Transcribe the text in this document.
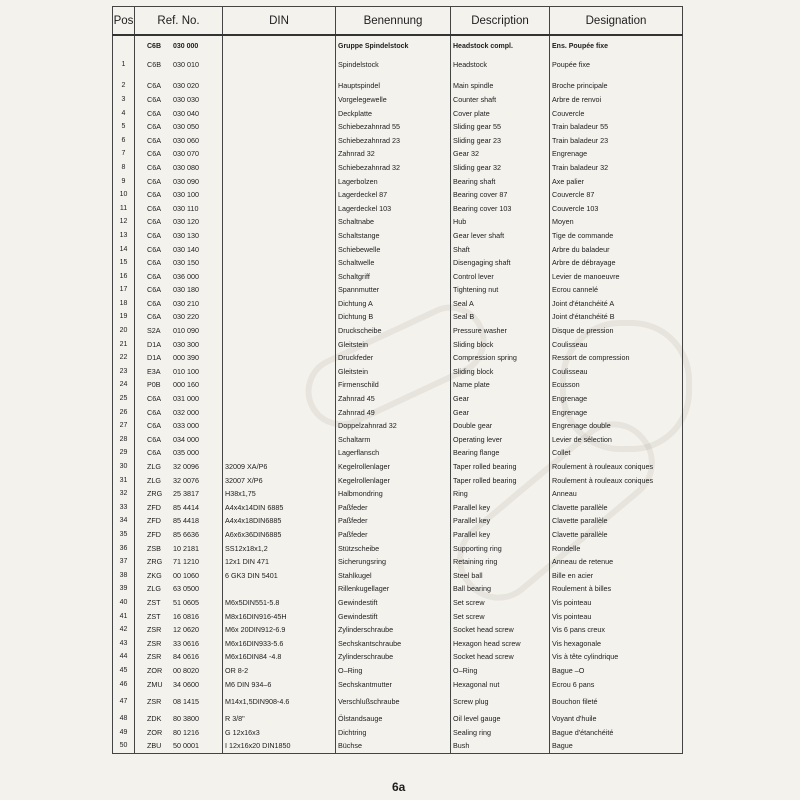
Pos	Ref. No.	DIN	Benennung	Description	Designation
	C6B 030 000		Gruppe Spindelstock	Headstock compl.	Ens. Poupée fixe
1	C6B 030 010		Spindelstock	Headstock	Poupée fixe

2	C6A 030 020		Hauptspindel	Main spindle	Broche principale
3	C6A 030 030		Vorgelegewelle	Counter shaft	Arbre de renvoi
4	C6A 030 040		Deckplatte	Cover plate	Couvercle
5	C6A 030 050		Schiebezahnrad 55	Sliding gear 55	Train baladeur 55
6	C6A 030 060		Schiebezahnrad 23	Sliding gear 23	Train baladeur 23
7	C6A 030 070		Zahnrad 32	Gear 32	Engrenage
8	C6A 030 080		Schiebezahnrad 32	Sliding gear 32	Train baladeur 32
9	C6A 030 090		Lagerbolzen	Bearing shaft	Axe palier
10	C6A 030 100		Lagerdeckel 87	Bearing cover 87	Couvercle 87
11	C6A 030 110		Lagerdeckel 103	Bearing cover 103	Couvercle 103
12	C6A 030 120		Schaltnabe	Hub	Moyen
13	C6A 030 130		Schaltstange	Gear lever shaft	Tige de commande
14	C6A 030 140		Schiebewelle	Shaft	Arbre du baladeur
15	C6A 030 150		Schaltwelle	Disengaging shaft	Arbre de débrayage
16	C6A 036 000		Schaltgriff	Control lever	Levier de manoeuvre
17	C6A 030 180		Spannmutter	Tightening nut	Ecrou cannelé
18	C6A 030 210		Dichtung A	Seal A	Joint d'étanchéité A
19	C6A 030 220		Dichtung B	Seal B	Joint d'étanchéité B
20	S2A 010 090		Druckscheibe	Pressure washer	Disque de pression
21	D1A 030 300		Gleitstein	Sliding block	Coulisseau
22	D1A 000 390		Druckfeder	Compression spring	Ressort de compression
23	E3A 010 100		Gleitstein	Sliding block	Coulisseau
24	P0B 000 160		Firmenschild	Name plate	Ecusson
25	C6A 031 000		Zahnrad 45	Gear	Engrenage
26	C6A 032 000		Zahnrad 49	Gear	Engrenage
27	C6A 033 000		Doppelzahnrad 32	Double gear	Engrenage double
28	C6A 034 000		Schaltarm	Operating lever	Levier de sélection
29	C6A 035 000		Lagerflansch	Bearing flange	Collet
30	ZLG 32 0096	32009 XA/P6	Kegelrollenlager	Taper rolled bearing	Roulement à rouleaux coniques
31	ZLG 32 0076	32007 X/P6	Kegelrollenlager	Taper rolled bearing	Roulement à rouleaux coniques
32	ZRG 25 3817	H38x1,75	Halbmondring	Ring	Anneau
33	ZFD 85 4414	A4x4x14DIN 6885	Paßfeder	Parallel key	Clavette parallèle
34	ZFD 85 4418	A4x4x18DIN6885	Paßfeder	Parallel key	Clavette parallèle
35	ZFD 85 6636	A6x6x36DIN6885	Paßfeder	Parallel key	Clavette parallèle
36	ZSB 10 2181	SS12x18x1,2	Stützscheibe	Supporting ring	Rondelle
37	ZRG 71 1210	12x1 DIN 471	Sicherungsring	Retaining ring	Anneau de retenue
38	ZKG 00 1060	6 GK3 DIN 5401	Stahlkugel	Steel ball	Bille en acier
39	ZLG 63 0500		Rillenkugellager	Ball bearing	Roulement à billes
40	ZST 51 0605	M6x5DIN551-5.8	Gewindestift	Set screw	Vis pointeau
41	ZST 16 0816	M8x16DIN916-45H	Gewindestift	Set screw	Vis pointeau
42	ZSR 12 0620	M6x 20DIN912-6.9	Zylinderschraube	Socket head screw	Vis 6 pans creux
43	ZSR 33 0616	M6x16DIN933-5.6	Sechskantschraube	Hexagon head screw	Vis hexagonale
44	ZSR 84 0616	M6x16DIN84 -4.8	Zylinderschraube	Socket head screw	Vis à tête cylindrique
45	ZOR 00 8020	OR 8-2	O–Ring	O–Ring	Bague –O
46	ZMU 34 0600	M6 DIN 934–6	Sechskantmutter	Hexagonal nut	Ecrou 6 pans
47	ZSR 08 1415	M14x1,5DIN908-4.6	Verschlußschraube	Screw plug	Bouchon fileté
48	ZDK 80 3800	R 3/8"	Ölstandsauge	Oil level gauge	Voyant d'huile
49	ZOR 80 1216	G 12x16x3	Dichtring	Sealing ring	Bague d'étanchéité
50	ZBU 50 0001	I 12x16x20 DIN1850	Büchse	Bush	Bague
6a
